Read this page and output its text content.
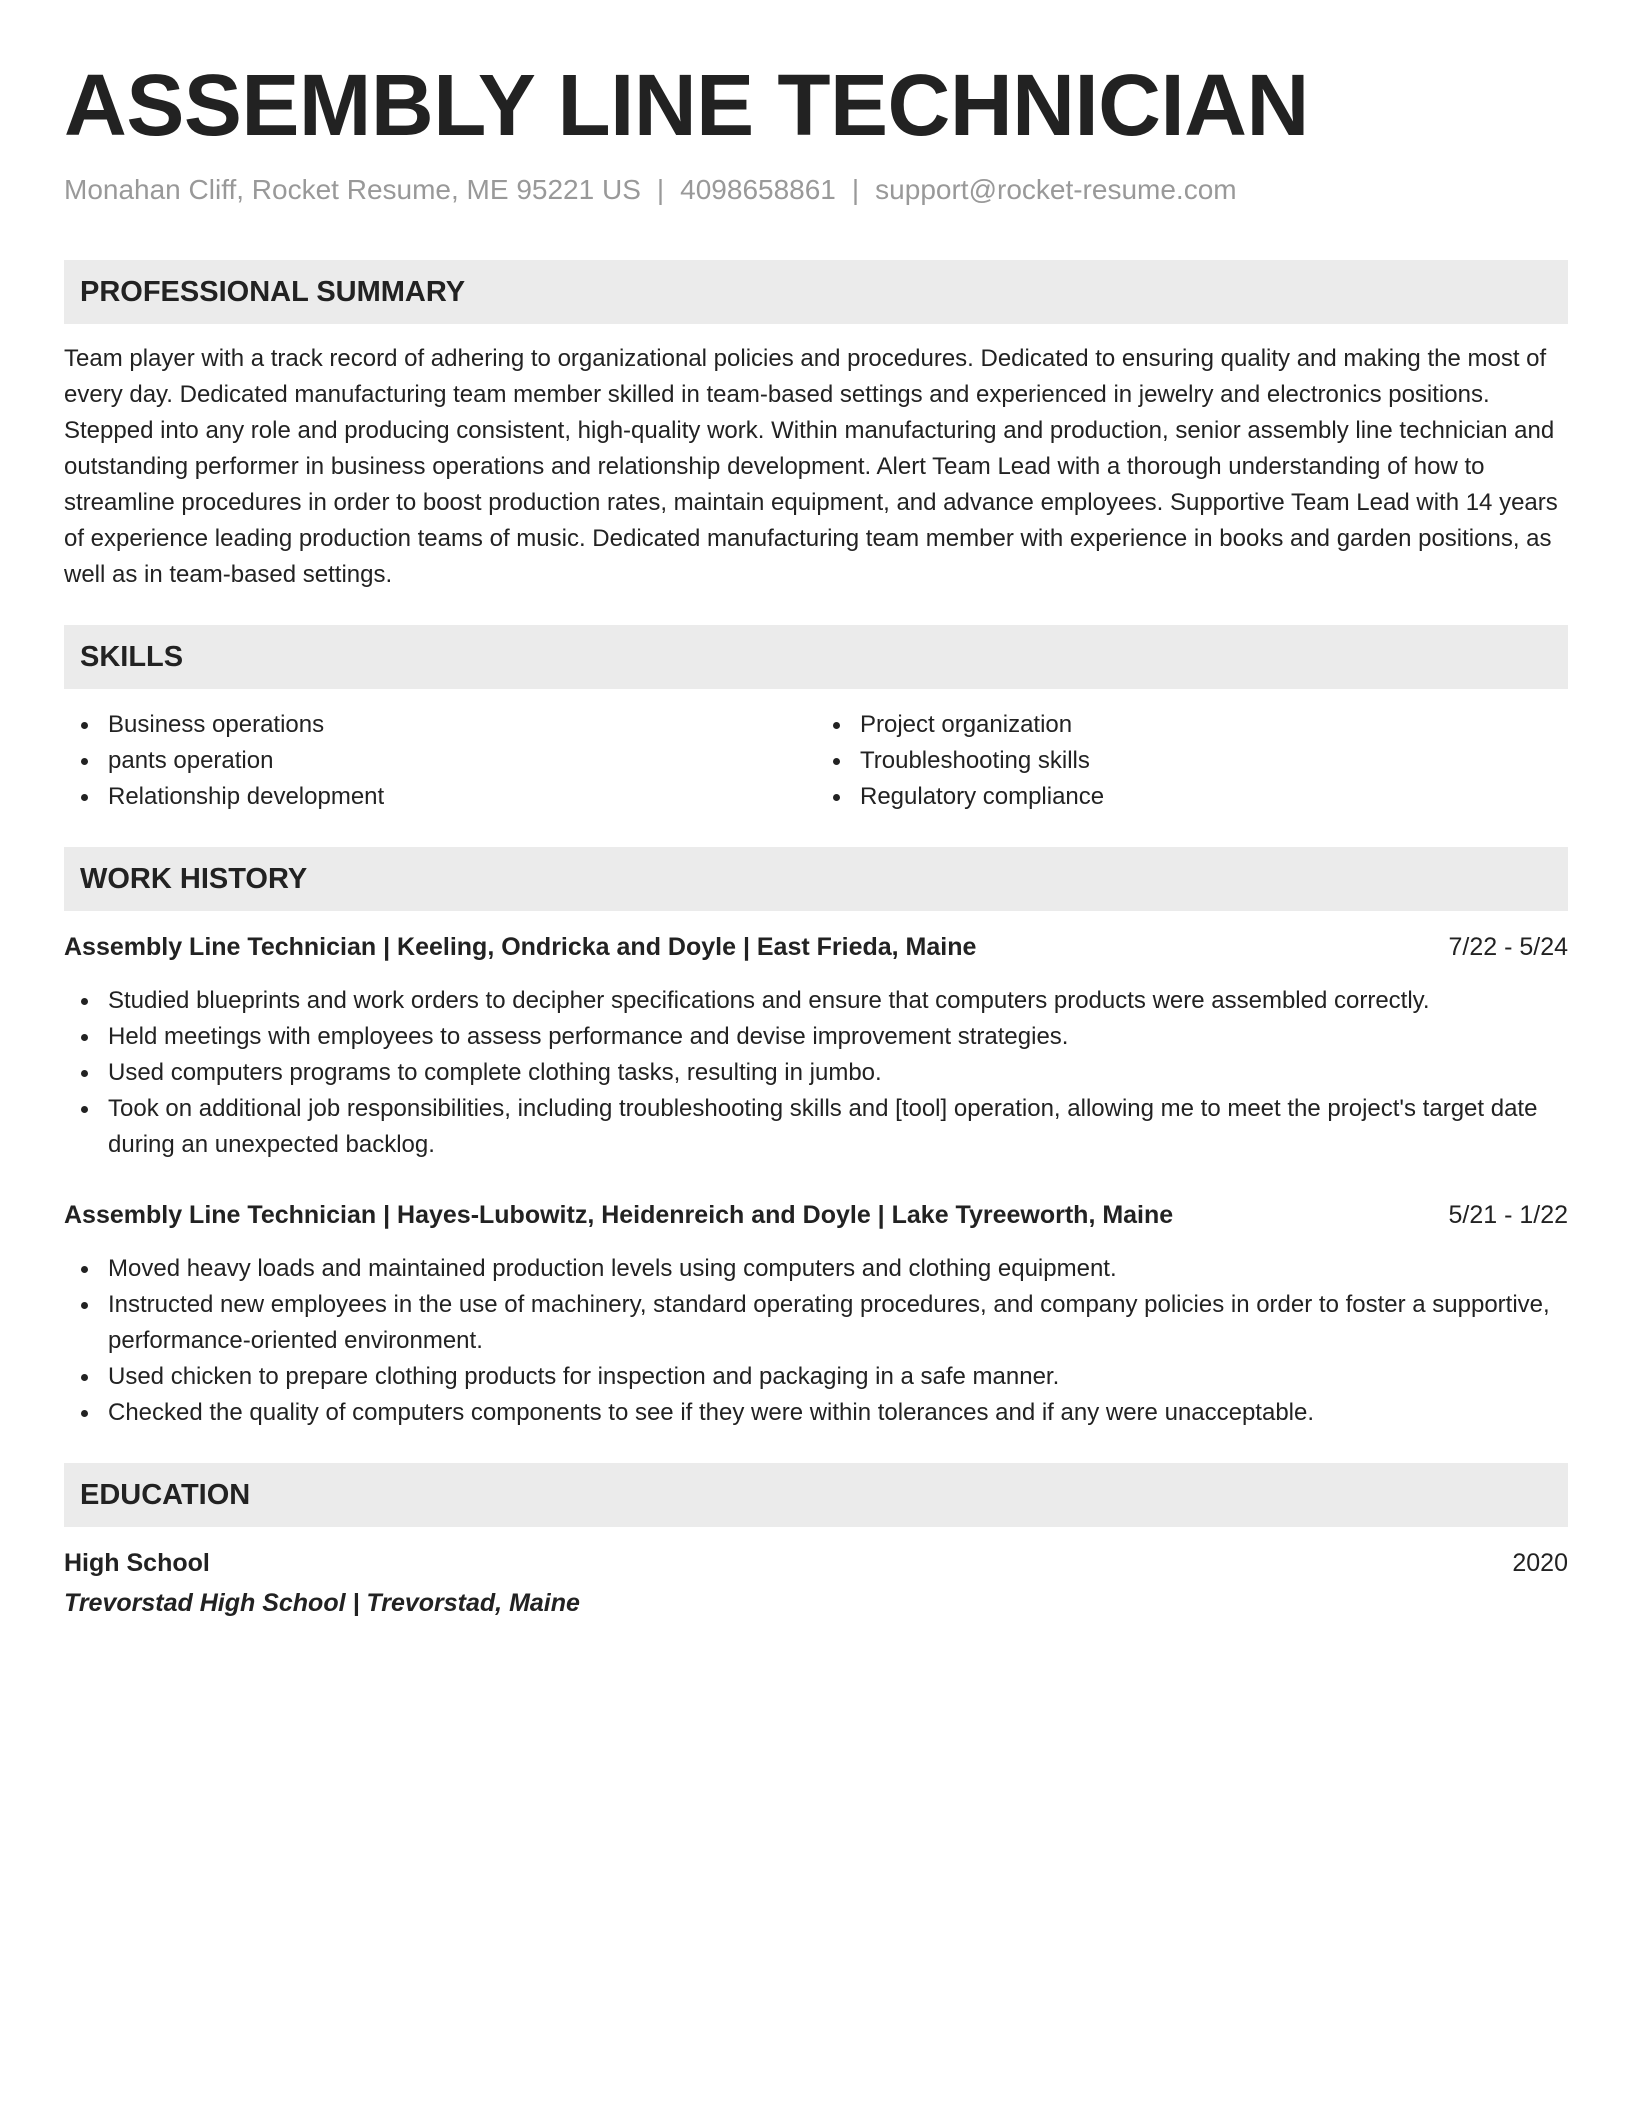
ASSEMBLY LINE TECHNICIAN
Monahan Cliff, Rocket Resume, ME 95221 US | 4098658861 | support@rocket-resume.com
PROFESSIONAL SUMMARY

Team player with a track record of adhering to organizational policies and procedures. Dedicated to ensuring quality and making the most of every day. Dedicated manufacturing team member skilled in team-based settings and experienced in jewelry and electronics positions. Stepped into any role and producing consistent, high-quality work. Within manufacturing and production, senior assembly line technician and outstanding performer in business operations and relationship development. Alert Team Lead with a thorough understanding of how to streamline procedures in order to boost production rates, maintain equipment, and advance employees. Supportive Team Lead with 14 years of experience leading production teams of music. Dedicated manufacturing team member with experience in books and garden positions, as well as in team-based settings.

SKILLS
Business operations
pants operation
Relationship development
Project organization
Troubleshooting skills
Regulatory compliance
WORK HISTORY
Assembly Line Technician | Keeling, Ondricka and Doyle | East Frieda, Maine	7/22 - 5/24
Studied blueprints and work orders to decipher specifications and ensure that computers products were assembled correctly.
Held meetings with employees to assess performance and devise improvement strategies.
Used computers programs to complete clothing tasks, resulting in jumbo.
Took on additional job responsibilities, including troubleshooting skills and [tool] operation, allowing me to meet the project's target date during an unexpected backlog.
Assembly Line Technician | Hayes-Lubowitz, Heidenreich and Doyle | Lake Tyreeworth, Maine	5/21 - 1/22
Moved heavy loads and maintained production levels using computers and clothing equipment.
Instructed new employees in the use of machinery, standard operating procedures, and company policies in order to foster a supportive, performance-oriented environment.
Used chicken to prepare clothing products for inspection and packaging in a safe manner.
Checked the quality of computers components to see if they were within tolerances and if any were unacceptable.
EDUCATION
High School	2020
Trevorstad High School | Trevorstad, Maine
